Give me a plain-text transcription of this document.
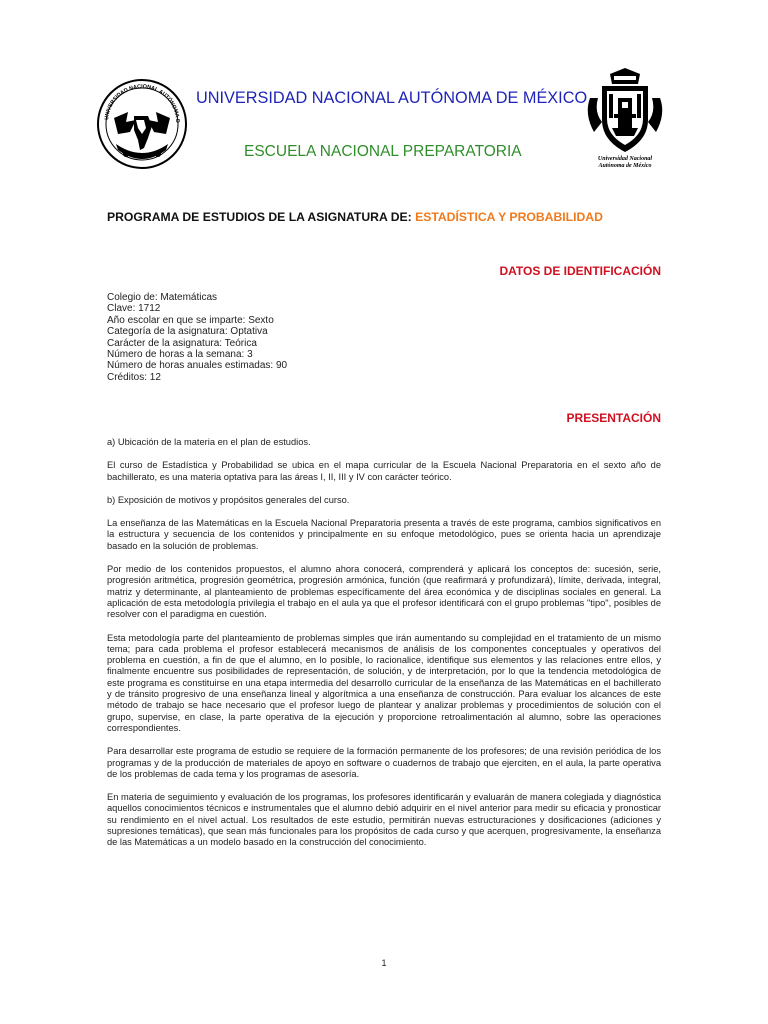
UNIVERSIDAD NACIONAL AUTÓNOMA D
Universidad Nacional
Autónoma de México
UNIVERSIDAD NACIONAL AUTÓNOMA DE MÉXICO
ESCUELA NACIONAL PREPARATORIA
PROGRAMA DE ESTUDIOS DE LA ASIGNATURA DE: ESTADÍSTICA Y PROBABILIDAD
DATOS DE IDENTIFICACIÓN
Colegio de: Matemáticas
Clave: 1712
Año escolar en que se imparte: Sexto
Categoría de la asignatura: Optativa
Carácter de la asignatura: Teórica
Número de horas a la semana: 3
Número de horas anuales estimadas: 90
Créditos: 12
PRESENTACIÓN

a) Ubicación de la materia en el plan de estudios.

El curso de Estadística y Probabilidad se ubica en el mapa curricular de la Escuela Nacional Preparatoria en el sexto año de bachillerato, es una materia optativa para las áreas I, II, III y IV con carácter teórico.

b) Exposición de motivos y propósitos generales del curso.

La enseñanza de las Matemáticas en la Escuela Nacional Preparatoria presenta a través de este programa, cambios significativos en la estructura y secuencia de los contenidos y principalmente en su enfoque metodológico, pues se orienta hacia un aprendizaje basado en la solución de problemas.

Por medio de los contenidos propuestos, el alumno ahora conocerá, comprenderá y aplicará los conceptos de: sucesión, serie, progresión aritmética, progresión geométrica, progresión armónica, función (que reafirmará y profundizará), límite, derivada, integral, matriz y determinante, al planteamiento de problemas específicamente del área económica y de disciplinas sociales en general. La aplicación de esta metodología privilegia el trabajo en el aula ya que el profesor identificará con el grupo problemas "tipo", posibles de resolver con el paradigma en cuestión.

Esta metodología parte del planteamiento de problemas simples que irán aumentando su complejidad en el tratamiento de un mismo tema; para cada problema el profesor establecerá mecanismos de análisis de los componentes conceptuales y operativos del problema en cuestión, a fin de que el alumno, en lo posible, lo racionalice, identifique sus elementos y las relaciones entre ellos, y finalmente encuentre sus posibilidades de representación, de solución, y de interpretación, por lo que la tendencia metodológica de este programa es constituirse en una etapa intermedia del desarrollo curricular de la enseñanza de las Matemáticas en el bachillerato y de tránsito progresivo de una enseñanza lineal y algorítmica a una enseñanza de construcción. Para evaluar los alcances de este método de trabajo se hace necesario que el profesor luego de plantear y analizar problemas y procedimientos de solución con el grupo, supervise, en clase, la parte operativa de la ejecución y proporcione retroalimentación al alumno, sobre las operaciones correspondientes.

Para desarrollar este programa de estudio se requiere de la formación permanente de los profesores; de una revisión periódica de los programas y de la producción de materiales de apoyo en software o cuadernos de trabajo que ejerciten, en el aula, la parte operativa de los problemas de cada tema y los programas de asesoría.

En materia de seguimiento y evaluación de los programas, los profesores identificarán y evaluarán de manera colegiada y diagnóstica aquellos conocimientos técnicos e instrumentales que el alumno debió adquirir en el nivel anterior para medir su eficacia y pronosticar su rendimiento en el nivel actual. Los resultados de este estudio, permitirán nuevas estructuraciones y dosificaciones (adiciones y supresiones temáticas), que sean más funcionales para los propósitos de cada curso y que acerquen, progresivamente, la enseñanza de las Matemáticas a un modelo basado en la construcción del conocimiento.

1
